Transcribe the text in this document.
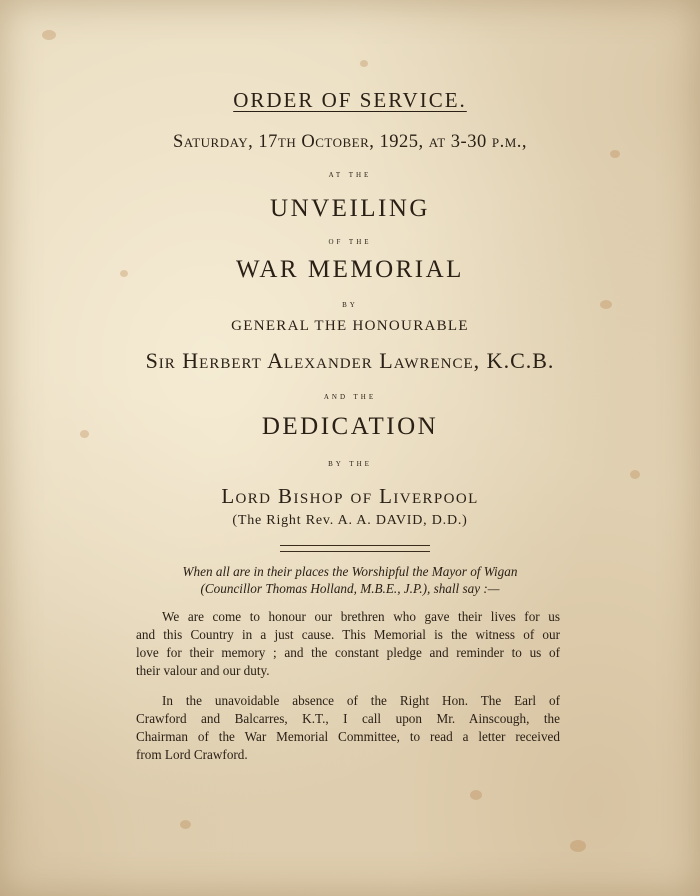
ORDER OF SERVICE.
Saturday, 17th October, 1925, at 3-30 p.m.,
at the
UNVEILING
of the
WAR MEMORIAL
by
GENERAL THE HONOURABLE
Sir Herbert Alexander Lawrence, K.C.B.
and the
DEDICATION
by the
Lord Bishop of Liverpool
(The Right Rev. A. A. DAVID, D.D.)
When all are in their places the Worshipful the Mayor of Wigan
(Councillor Thomas Holland, M.B.E., J.P.), shall say :—
We are come to honour our brethren who gave their lives for us
and this Country in a just cause. This Memorial is the witness of our
love for their memory ; and the constant pledge and reminder to us of
their valour and our duty.
In the unavoidable absence of the Right Hon. The Earl of
Crawford and Balcarres, K.T., I call upon Mr. Ainscough, the
Chairman of the War Memorial Committee, to read a letter received
from Lord Crawford.
